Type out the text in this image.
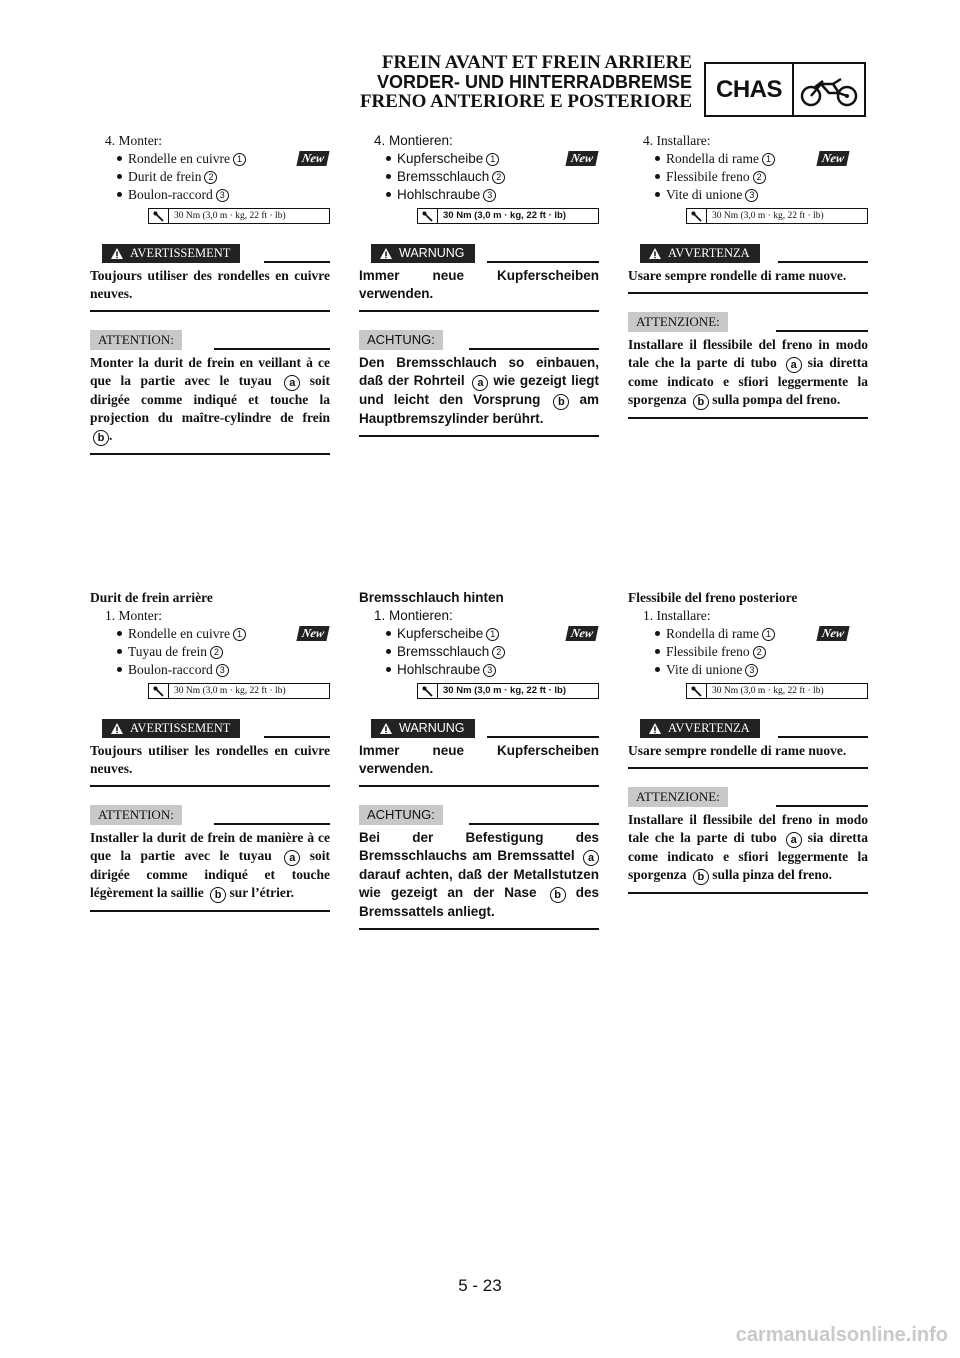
FREIN AVANT ET FREIN ARRIERE
VORDER- UND HINTERRADBREMSE
FRENO ANTERIORE E POSTERIORE CHAS
4. Monter:
Rondelle en cuivre 1	New
Durit de frein 2
Boulon-raccord 3
30 Nm (3,0 m · kg, 22 ft · lb)
AVERTISSEMENT
Toujours utiliser des rondelles en cuivre neuves.
ATTENTION:
Monter la durit de frein en veillant à ce que la partie avec le tuyau a soit dirigée comme indiqué et touche la projection du maître-cylindre de frein b .
4. Montieren:
Kupferscheibe 1	New
Bremsschlauch 2
Hohlschraube 3
30 Nm (3,0 m · kg, 22 ft · lb)
WARNUNG
Immer neue Kupferscheiben verwenden.
ACHTUNG:
Den Bremsschlauch so einbauen, daß der Rohrteil a wie gezeigt liegt und leicht den Vorsprung b am Hauptbremszylinder berührt.
4. Installare:
Rondella di rame 1	New
Flessibile freno 2
Vite di unione 3
30 Nm (3,0 m · kg, 22 ft · lb)
AVVERTENZA
Usare sempre rondelle di rame nuove.
ATTENZIONE:
Installare il flessibile del freno in modo tale che la parte di tubo a sia diretta come indicato e sfiori leggermente la sporgenza b sulla pompa del freno.
Durit de frein arrière
1. Monter:
Rondelle en cuivre 1	New
Tuyau de frein 2
Boulon-raccord 3
30 Nm (3,0 m · kg, 22 ft · lb)
AVERTISSEMENT
Toujours utiliser les rondelles en cuivre neuves.
ATTENTION:
Installer la durit de frein de manière à ce que la partie avec le tuyau a soit dirigée comme indiqué et touche légèrement la saillie b sur l’étrier.
Bremsschlauch hinten
1. Montieren:
Kupferscheibe 1	New
Bremsschlauch 2
Hohlschraube 3
30 Nm (3,0 m · kg, 22 ft · lb)
WARNUNG
Immer neue Kupferscheiben verwenden.
ACHTUNG:
Bei der Befestigung des Bremsschlauchs am Bremssattel a darauf achten, daß der Metallstutzen wie gezeigt an der Nase b des Bremssattels anliegt.
Flessibile del freno posteriore
1. Installare:
Rondella di rame 1	New
Flessibile freno 2
Vite di unione 3
30 Nm (3,0 m · kg, 22 ft · lb)
AVVERTENZA
Usare sempre rondelle di rame nuove.
ATTENZIONE:
Installare il flessibile del freno in modo tale che la parte di tubo a sia diretta come indicato e sfiori leggermente la sporgenza b sulla pinza del freno.
5 - 23
carmanualsonline.info
